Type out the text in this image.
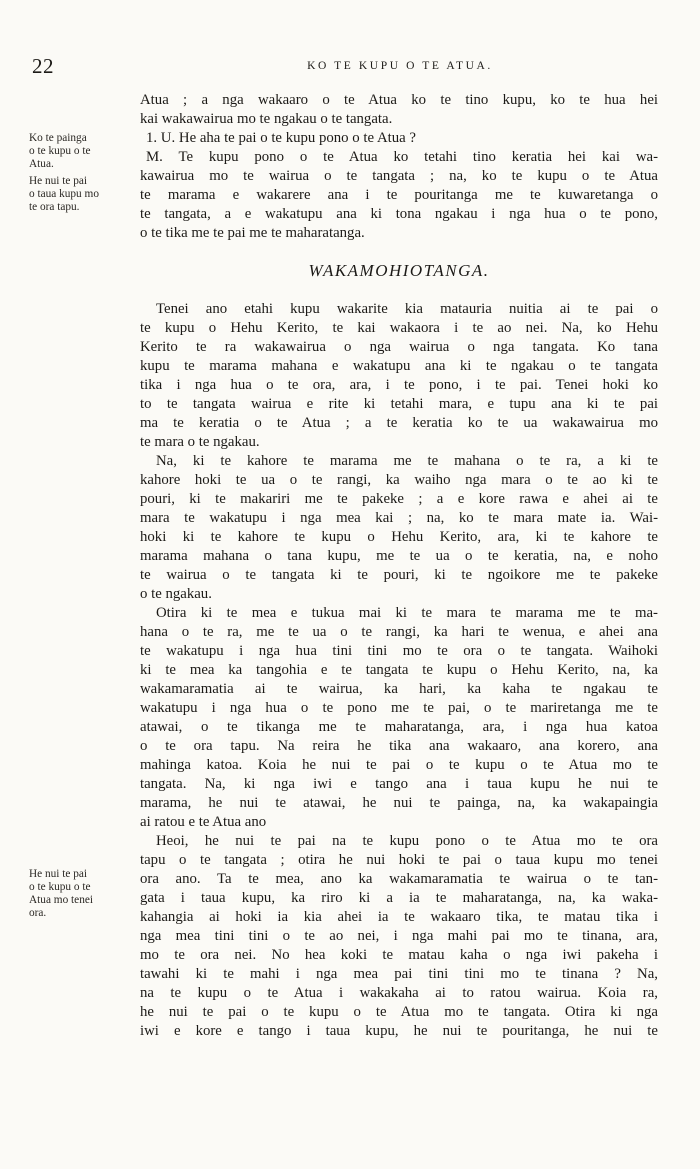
22	KO TE KUPU O TE ATUA.
Ko te painga
o te kupu o te
Atua.
He nui te pai
o taua kupu mo
te ora tapu.
He nui te pai
o te kupu o te
Atua mo tenei
ora.

Atua ; a nga wakaaro o te Atua ko te tino kupu, ko te hua hei
kai wakawairua mo te ngakau o te tangata.

1. U. He aha te pai o te kupu pono o te Atua ?
M. Te kupu pono o te Atua ko tetahi tino keratia hei kai wa-
kawairua mo te wairua o te tangata ; na, ko te kupu o te Atua
te marama e wakarere ana i te pouritanga me te kuwaretanga o
te tangata, a e wakatupu ana ki tona ngakau i nga hua o te pono,
o te tika me te pai me te maharatanga.

WAKAMOHIOTANGA.

Tenei ano etahi kupu wakarite kia matauria nuitia ai te pai o
te kupu o Hehu Kerito, te kai wakaora i te ao nei. Na, ko Hehu
Kerito te ra wakawairua o nga wairua o nga tangata. Ko tana
kupu te marama mahana e wakatupu ana ki te ngakau o te tangata
tika i nga hua o te ora, ara, i te pono, i te pai. Tenei hoki ko
to te tangata wairua e rite ki tetahi mara, e tupu ana ki te pai
ma te keratia o te Atua ; a te keratia ko te ua wakawairua mo
te mara o te ngakau.

Na, ki te kahore te marama me te mahana o te ra, a ki te
kahore hoki te ua o te rangi, ka waiho nga mara o te ao ki te
pouri, ki te makariri me te pakeke ; a e kore rawa e ahei ai te
mara te wakatupu i nga mea kai ; na, ko te mara mate ia. Wai-
hoki ki te kahore te kupu o Hehu Kerito, ara, ki te kahore te
marama mahana o tana kupu, me te ua o te keratia, na, e noho
te wairua o te tangata ki te pouri, ki te ngoikore me te pakeke
o te ngakau.

Otira ki te mea e tukua mai ki te mara te marama me te ma-
hana o te ra, me te ua o te rangi, ka hari te wenua, e ahei ana
te wakatupu i nga hua tini tini mo te ora o te tangata. Waihoki
ki te mea ka tangohia e te tangata te kupu o Hehu Kerito, na, ka
wakamaramatia ai te wairua, ka hari, ka kaha te ngakau te
wakatupu i nga hua o te pono me te pai, o te mariretanga me te
atawai, o te tikanga me te maharatanga, ara, i nga hua katoa
o te ora tapu. Na reira he tika ana wakaaro, ana korero, ana
mahinga katoa. Koia he nui te pai o te kupu o te Atua mo te
tangata. Na, ki nga iwi e tango ana i taua kupu he nui te
marama, he nui te atawai, he nui te painga, na, ka wakapaingia
ai ratou e te Atua ano

Heoi, he nui te pai na te kupu pono o te Atua mo te ora
tapu o te tangata ; otira he nui hoki te pai o taua kupu mo tenei
ora ano. Ta te mea, ano ka wakamaramatia te wairua o te tan-
gata i taua kupu, ka riro ki a ia te maharatanga, na, ka waka-
kahangia ai hoki ia kia ahei ia te wakaaro tika, te matau tika i
nga mea tini tini o te ao nei, i nga mahi pai mo te tinana, ara,
mo te ora nei. No hea koki te matau kaha o nga iwi pakeha i
tawahi ki te mahi i nga mea pai tini tini mo te tinana ? Na,
na te kupu o te Atua i wakakaha ai to ratou wairua. Koia ra,
he nui te pai o te kupu o te Atua mo te tangata. Otira ki nga
iwi e kore e tango i taua kupu, he nui te pouritanga, he nui te
